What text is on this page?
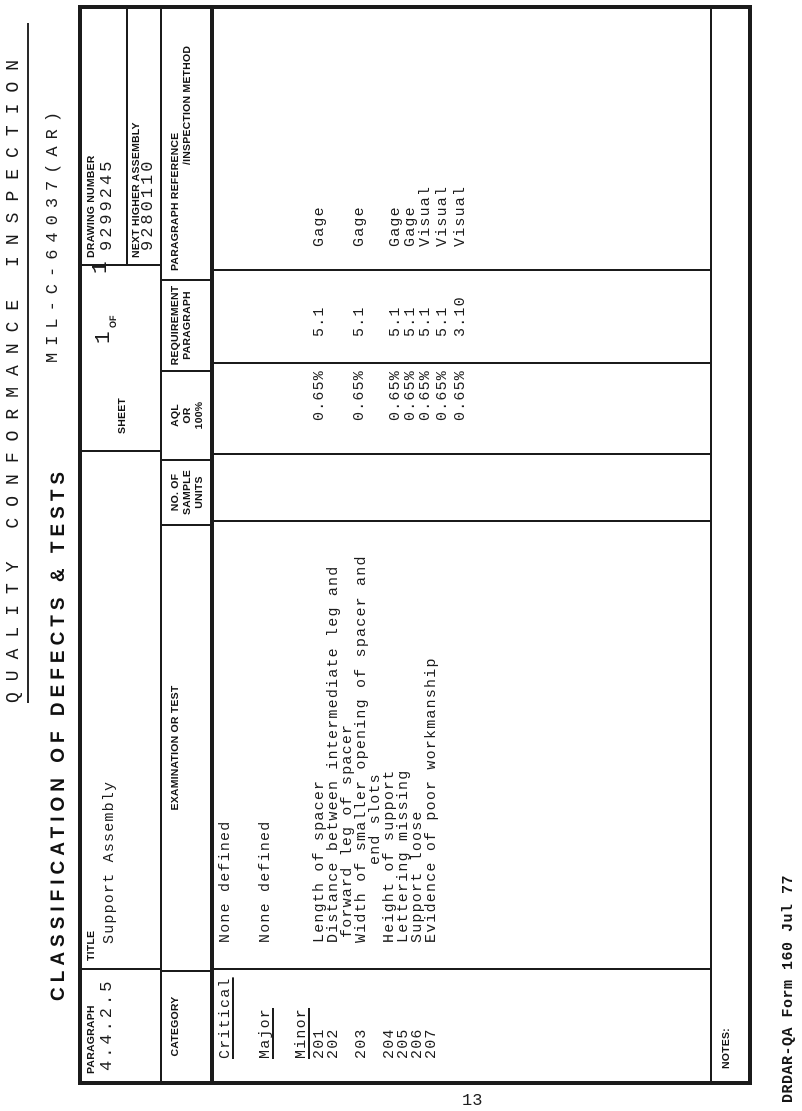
QUALITY CONFORMANCE INSPECTION
CLASSIFICATION OF DEFECTS & TESTS
MIL-C-64037(AR)
PARAGRAPH 4.4.2.5
TITLE
Support Assembly
SHEET
1
OF
1
DRAWING NUMBER 9299245 NEXT HIGHER ASSEMBLY
9280110
CATEGORY
EXAMINATION OR TEST
NO. OF SAMPLE UNITS
AQL OR 100%
REQUIREMENT PARAGRAPH
PARAGRAPH REFERENCE
/INSPECTION METHOD
Critical Major Minor 201
202 203 204
205
206
207
None defined None defined Length of spacer
Distance between intermediate leg and
forward leg of spacer
Width of smaller opening of spacer and
end slots
Height of support
Lettering missing
Support loose
Evidence of poor workmanship
0.65% 0.65% 0.65%
0.65%
0.65% 0.65% 0.65%
5.1 5.1 5.1
5.1
5.1 5.1 3.10
Gage Gage Gage
Gage
Visual Visual Visual
NOTES:	DRDAR-QA Form 160 Jul 77
13
